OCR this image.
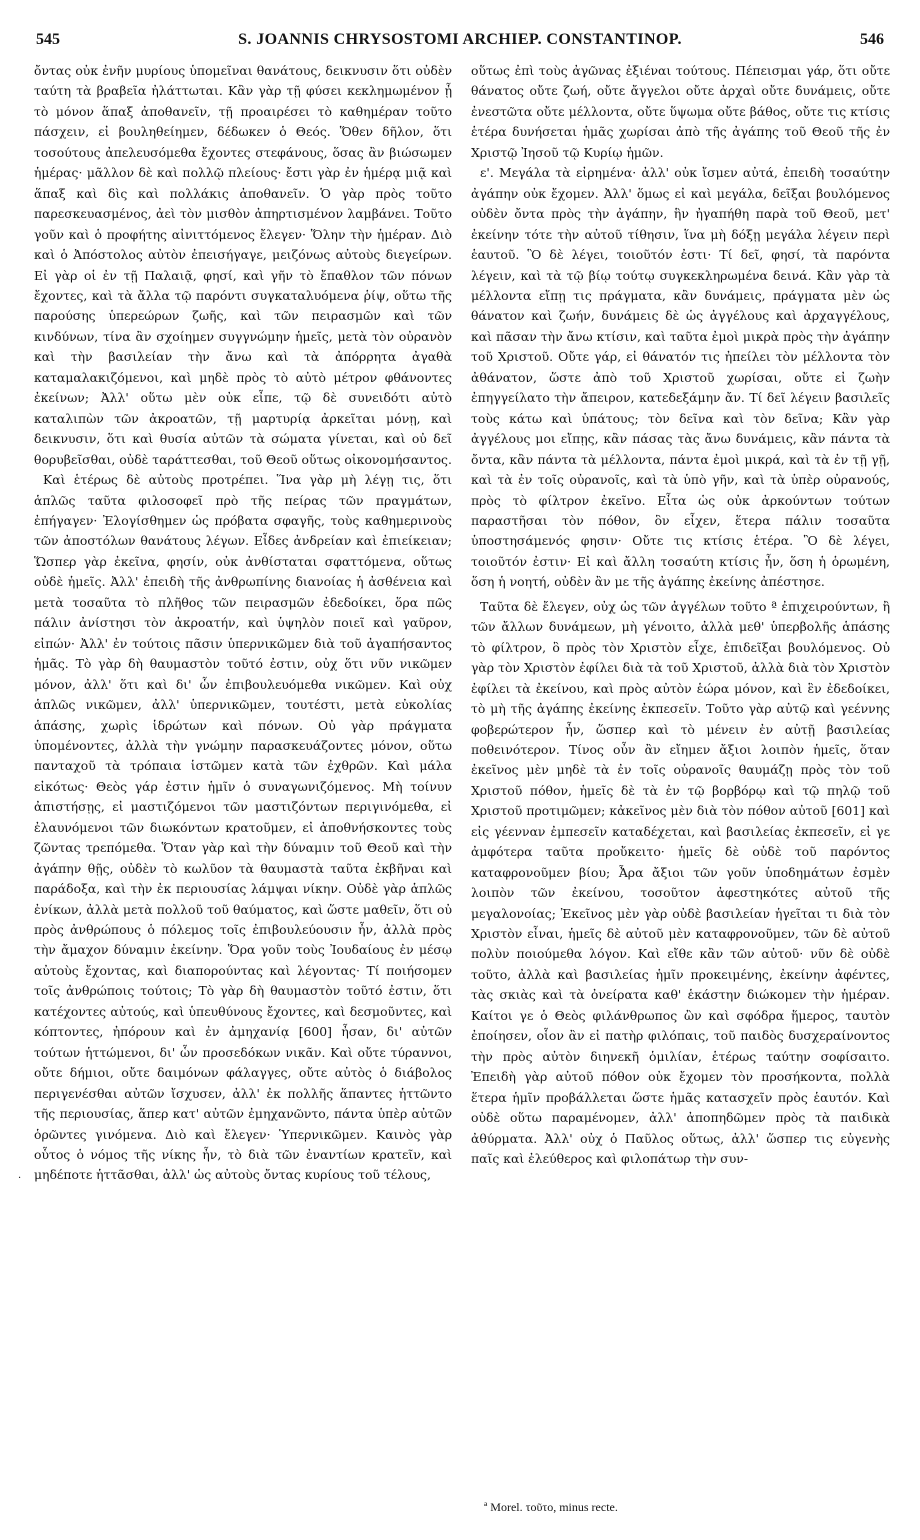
545	S. JOANNIS CHRYSOSTOMI ARCHIEP. CONSTANTINOP.	546

ὄντας οὐκ ἐνῆν μυρίους ὑπομεῖναι θανάτους, δεικνυσιν ὅτι οὐδὲν ταύτη τὰ βραβεῖα ἠλάττωται. Κἂν γὰρ τῇ φύσει κεκλημωμένον ᾖ τὸ μόνον ἅπαξ ἀποθανεῖν, τῇ προαιρέσει τὸ καθημέραν τοῦτο πάσχειν, εἰ βουληθείημεν, δέδωκεν ὁ Θεός. Ὅθεν δῆλον, ὅτι τοσούτους ἀπελευσόμεθα ἔχοντες στεφάνους, ὅσας ἂν βιώσωμεν ἡμέρας· μᾶλλον δὲ καὶ πολλῷ πλείους· ἔστι γὰρ ἐν ἡμέρᾳ μιᾷ καὶ ἅπαξ καὶ δὶς καὶ πολλάκις ἀποθανεῖν. Ὁ γὰρ πρὸς τοῦτο παρεσκευασμένος, ἀεὶ τὸν μισθὸν ἀπηρτισμένον λαμβάνει. Τοῦτο γοῦν καὶ ὁ προφήτης αἰνιττόμενος ἔλεγεν· Ὅλην τὴν ἡμέραν. Διὸ καὶ ὁ Ἀπόστολος αὐτὸν ἐπεισήγαγε, μειζόνως αὐτοὺς διεγείρων. Εἰ γὰρ οἱ ἐν τῇ Παλαιᾷ, φησί, καὶ γῆν τὸ ἔπαθλον τῶν πόνων ἔχοντες, καὶ τὰ ἄλλα τῷ παρόντι συγκαταλυόμενα ῥίψ, οὕτω τῆς παρούσης ὑπερεώρων ζωῆς, καὶ τῶν πειρασμῶν καὶ τῶν κινδύνων, τίνα ἂν σχοίημεν συγγνώμην ἡμεῖς, μετὰ τὸν οὐρανὸν καὶ τὴν βασιλείαν τὴν ἄνω καὶ τὰ ἀπόρρητα ἀγαθὰ καταμαλακιζόμενοι, καὶ μηδὲ πρὸς τὸ αὐτὸ μέτρον φθάνοντες ἐκείνων; Ἀλλ' οὕτω μὲν οὐκ εἶπε, τῷ δὲ συνειδότι αὐτὸ καταλιπὼν τῶν ἀκροατῶν, τῇ μαρτυρίᾳ ἀρκεῖται μόνῃ, καὶ δεικνυσιν, ὅτι καὶ θυσία αὐτῶν τὰ σώματα γίνεται, καὶ οὐ δεῖ θορυβεῖσθαι, οὐδὲ ταράττεσθαι, τοῦ Θεοῦ οὕτως οἰκονομήσαντος.

Καὶ ἑτέρως δὲ αὐτοὺς προτρέπει. Ἵνα γὰρ μὴ λέγῃ τις, ὅτι ἁπλῶς ταῦτα φιλοσοφεῖ πρὸ τῆς πείρας τῶν πραγμάτων, ἐπήγαγεν· Ἐλογίσθημεν ὡς πρόβατα σφαγῆς, τοὺς καθημερινοὺς τῶν ἀποστόλων θανάτους λέγων. Εἶδες ἀνδρείαν καὶ ἐπιείκειαν; Ὥσπερ γὰρ ἐκεῖνα, φησίν, οὐκ ἀνθίσταται σφαττόμενα, οὕτως οὐδὲ ἡμεῖς. Ἀλλ' ἐπειδὴ τῆς ἀνθρωπίνης διανοίας ἡ ἀσθένεια καὶ μετὰ τοσαῦτα τὸ πλῆθος τῶν πειρασμῶν ἐδεδοίκει, ὅρα πῶς πάλιν ἀνίστησι τὸν ἀκροατήν, καὶ ὑψηλὸν ποιεῖ καὶ γαῦρον, εἰπών· Ἀλλ' ἐν τούτοις πᾶσιν ὑπερνικῶμεν διὰ τοῦ ἀγαπήσαντος ἡμᾶς. Τὸ γὰρ δὴ θαυμαστὸν τοῦτό ἐστιν, οὐχ ὅτι νῦν νικῶμεν μόνον, ἀλλ' ὅτι καὶ δι' ὧν ἐπιβουλευόμεθα νικῶμεν. Καὶ οὐχ ἁπλῶς νικῶμεν, ἀλλ' ὑπερνικῶμεν, τουτέστι, μετὰ εὐκολίας ἁπάσης, χωρὶς ἱδρώτων καὶ πόνων. Οὐ γὰρ πράγματα ὑπομένοντες, ἀλλὰ τὴν γνώμην παρασκευάζοντες μόνον, οὕτω πανταχοῦ τὰ τρόπαια ἱστῶμεν κατὰ τῶν ἐχθρῶν. Καὶ μάλα εἰκότως· Θεὸς γάρ ἐστιν ἡμῖν ὁ συναγωνιζόμενος. Μὴ τοίνυν ἀπιστήσῃς, εἰ μαστιζόμενοι τῶν μαστιζόντων περιγινόμεθα, εἰ ἐλαυνόμενοι τῶν διωκόντων κρατοῦμεν, εἰ ἀποθνήσκοντες τοὺς ζῶντας τρεπόμεθα. Ὅταν γὰρ καὶ τὴν δύναμιν τοῦ Θεοῦ καὶ τὴν ἀγάπην θῇς, οὐδὲν τὸ κωλῦον τὰ θαυμαστὰ ταῦτα ἐκβῆναι καὶ παράδοξα, καὶ τὴν ἐκ περιουσίας λάμψαι νίκην. Οὐδὲ γὰρ ἁπλῶς ἐνίκων, ἀλλὰ μετὰ πολλοῦ τοῦ θαύματος, καὶ ὥστε μαθεῖν, ὅτι οὐ πρὸς ἀνθρώπους ὁ πόλεμος τοῖς ἐπιβουλεύουσιν ἦν, ἀλλὰ πρὸς τὴν ἄμαχον δύναμιν ἐκείνην. Ὅρα γοῦν τοὺς Ἰουδαίους ἐν μέσῳ αὐτοὺς ἔχοντας, καὶ διαπορούντας καὶ λέγοντας· Τί ποιήσομεν τοῖς ἀνθρώποις τούτοις; Τὸ γὰρ δὴ θαυμαστὸν τοῦτό ἐστιν, ὅτι κατέχοντες αὐτούς, καὶ ὑπευθύνους ἔχοντες, καὶ δεσμοῦντες, καὶ κόπτοντες, ἠπόρουν καὶ ἐν ἀμηχανίᾳ [600] ἦσαν, δι' αὐτῶν τούτων ἡττώμενοι, δι' ὧν προσεδόκων νικᾶν. Καὶ οὔτε τύραννοι, οὔτε δήμιοι, οὔτε δαιμόνων φάλαγγες, οὔτε αὐτὸς ὁ διάβολος περιγενέσθαι αὐτῶν ἴσχυσεν, ἀλλ' ἐκ πολλῆς ἅπαντες ἡττῶντο τῆς περιουσίας, ἅπερ κατ' αὐτῶν ἐμηχανῶντο, πάντα ὑπὲρ αὐτῶν ὁρῶντες γινόμενα. Διὸ καὶ ἔλεγεν· Ὑπερνικῶμεν. Καινὸς γὰρ οὗτος ὁ νόμος τῆς νίκης ἦν, τὸ διὰ τῶν ἐναντίων κρατεῖν, καὶ μηδέποτε ἡττᾶσθαι, ἀλλ' ὡς αὐτοὺς ὄντας κυρίους τοῦ τέλους,

οὕτως ἐπὶ τοὺς ἀγῶνας ἐξιέναι τούτους. Πέπεισμαι γάρ, ὅτι οὔτε θάνατος οὔτε ζωή, οὔτε ἄγγελοι οὔτε ἀρχαὶ οὔτε δυνάμεις, οὔτε ἐνεστῶτα οὔτε μέλλοντα, οὔτε ὕψωμα οὔτε βάθος, οὔτε τις κτίσις ἑτέρα δυνήσεται ἡμᾶς χωρίσαι ἀπὸ τῆς ἀγάπης τοῦ Θεοῦ τῆς ἐν Χριστῷ Ἰησοῦ τῷ Κυρίῳ ἡμῶν.

ε'. Μεγάλα τὰ εἰρημένα· ἀλλ' οὐκ ἴσμεν αὐτά, ἐπειδὴ τοσαύτην ἀγάπην οὐκ ἔχομεν. Ἀλλ' ὅμως εἰ καὶ μεγάλα, δεῖξαι βουλόμενος οὐδὲν ὄντα πρὸς τὴν ἀγάπην, ἣν ἠγαπήθη παρὰ τοῦ Θεοῦ, μετ' ἐκείνην τότε τὴν αὐτοῦ τίθησιν, ἵνα μὴ δόξῃ μεγάλα λέγειν περὶ ἑαυτοῦ. Ὃ δὲ λέγει, τοιοῦτόν ἐστι· Τί δεῖ, φησί, τὰ παρόντα λέγειν, καὶ τὰ τῷ βίῳ τούτῳ συγκεκληρωμένα δεινά. Κἂν γὰρ τὰ μέλλοντα εἴπῃ τις πράγματα, κἂν δυνάμεις, πράγματα μὲν ὡς θάνατον καὶ ζωήν, δυνάμεις δὲ ὡς ἀγγέλους καὶ ἀρχαγγέλους, καὶ πᾶσαν τὴν ἄνω κτίσιν, καὶ ταῦτα ἐμοὶ μικρὰ πρὸς τὴν ἀγάπην τοῦ Χριστοῦ. Οὔτε γάρ, εἰ θάνατόν τις ἠπείλει τὸν μέλλοντα τὸν ἀθάνατον, ὥστε ἀπὸ τοῦ Χριστοῦ χωρίσαι, οὔτε εἰ ζωὴν ἐπηγγείλατο τὴν ἄπειρον, κατεδεξάμην ἄν. Τί δεῖ λέγειν βασιλεῖς τοὺς κάτω καὶ ὑπάτους; τὸν δεῖνα καὶ τὸν δεῖνα; Κἂν γὰρ ἀγγέλους μοι εἴπῃς, κἂν πάσας τὰς ἄνω δυνάμεις, κἂν πάντα τὰ ὄντα, κἂν πάντα τὰ μέλλοντα, πάντα ἐμοὶ μικρά, καὶ τὰ ἐν τῇ γῇ, καὶ τὰ ἐν τοῖς οὐρανοῖς, καὶ τὰ ὑπὸ γῆν, καὶ τὰ ὑπὲρ οὐρανούς, πρὸς τὸ φίλτρον ἐκεῖνο. Εἶτα ὡς οὐκ ἀρκούντων τούτων παραστῆσαι τὸν πόθον, ὃν εἶχεν, ἕτερα πάλιν τοσαῦτα ὑποστησάμενός φησιν· Οὔτε τις κτίσις ἑτέρα. Ὃ δὲ λέγει, τοιοῦτόν ἐστιν· Εἰ καὶ ἄλλη τοσαύτη κτίσις ἦν, ὅση ἡ ὁρωμένη, ὅση ἡ νοητή, οὐδὲν ἂν με τῆς ἀγάπης ἐκείνης ἀπέστησε.

Ταῦτα δὲ ἔλεγεν, οὐχ ὡς τῶν ἀγγέλων τοῦτο ª ἐπιχειρούντων, ἢ τῶν ἄλλων δυνάμεων, μὴ γένοιτο, ἀλλὰ μεθ' ὑπερβολῆς ἁπάσης τὸ φίλτρον, ὃ πρὸς τὸν Χριστὸν εἶχε, ἐπιδεῖξαι βουλόμενος. Οὐ γὰρ τὸν Χριστὸν ἐφίλει διὰ τὰ τοῦ Χριστοῦ, ἀλλὰ διὰ τὸν Χριστὸν ἐφίλει τὰ ἐκείνου, καὶ πρὸς αὐτὸν ἑώρα μόνον, καὶ ἓν ἐδεδοίκει, τὸ μὴ τῆς ἀγάπης ἐκείνης ἐκπεσεῖν. Τοῦτο γὰρ αὐτῷ καὶ γεέννης φοβερώτερον ἦν, ὥσπερ καὶ τὸ μένειν ἐν αὐτῇ βασιλείας ποθεινότερον. Τίνος οὖν ἂν εἴημεν ἄξιοι λοιπὸν ἡμεῖς, ὅταν ἐκεῖνος μὲν μηδὲ τὰ ἐν τοῖς οὐρανοῖς θαυμάζῃ πρὸς τὸν τοῦ Χριστοῦ πόθον, ἡμεῖς δὲ τὰ ἐν τῷ βορβόρῳ καὶ τῷ πηλῷ τοῦ Χριστοῦ προτιμῶμεν; κἀκεῖνος μὲν διὰ τὸν πόθον αὐτοῦ [601] καὶ εἰς γέενναν ἐμπεσεῖν καταδέχεται, καὶ βασιλείας ἐκπεσεῖν, εἰ γε ἀμφότερα ταῦτα προὔκειτο· ἡμεῖς δὲ οὐδὲ τοῦ παρόντος καταφρονοῦμεν βίου; Ἆρα ἄξιοι τῶν γοῦν ὑποδημάτων ἐσμὲν λοιπὸν τῶν ἐκείνου, τοσοῦτον ἀφεστηκότες αὐτοῦ τῆς μεγαλονοίας; Ἐκεῖνος μὲν γὰρ οὐδὲ βασιλείαν ἡγεῖται τι διὰ τὸν Χριστὸν εἶναι, ἡμεῖς δὲ αὐτοῦ μὲν καταφρονοῦμεν, τῶν δὲ αὐτοῦ πολὺν ποιούμεθα λόγον. Καὶ εἴθε κἂν τῶν αὐτοῦ· νῦν δὲ οὐδὲ τοῦτο, ἀλλὰ καὶ βασιλείας ἡμῖν προκειμένης, ἐκείνην ἀφέντες, τὰς σκιὰς καὶ τὰ ὀνείρατα καθ' ἑκάστην διώκομεν τὴν ἡμέραν. Καίτοι γε ὁ Θεὸς φιλάνθρωπος ὢν καὶ σφόδρα ἥμερος, ταυτὸν ἐποίησεν, οἷον ἂν εἰ πατὴρ φιλόπαις, τοῦ παιδὸς δυσχεραίνοντος τὴν πρὸς αὐτὸν διηνεκῆ ὁμιλίαν, ἑτέρως ταύτην σοφίσαιτο. Ἐπειδὴ γὰρ αὐτοῦ πόθον οὐκ ἔχομεν τὸν προσήκοντα, πολλὰ ἕτερα ἡμῖν προβάλλεται ὥστε ἡμᾶς κατασχεῖν πρὸς ἑαυτόν. Καὶ οὐδὲ οὕτω παραμένομεν, ἀλλ' ἀποπηδῶμεν πρὸς τὰ παιδικὰ ἀθύρματα. Ἀλλ' οὐχ ὁ Παῦλος οὕτως, ἀλλ' ὥσπερ τις εὐγενὴς παῖς καὶ ἐλεύθερος καὶ φιλοπάτωρ τὴν συν-

·
ª Morel. τοῦτο, minus recte.
